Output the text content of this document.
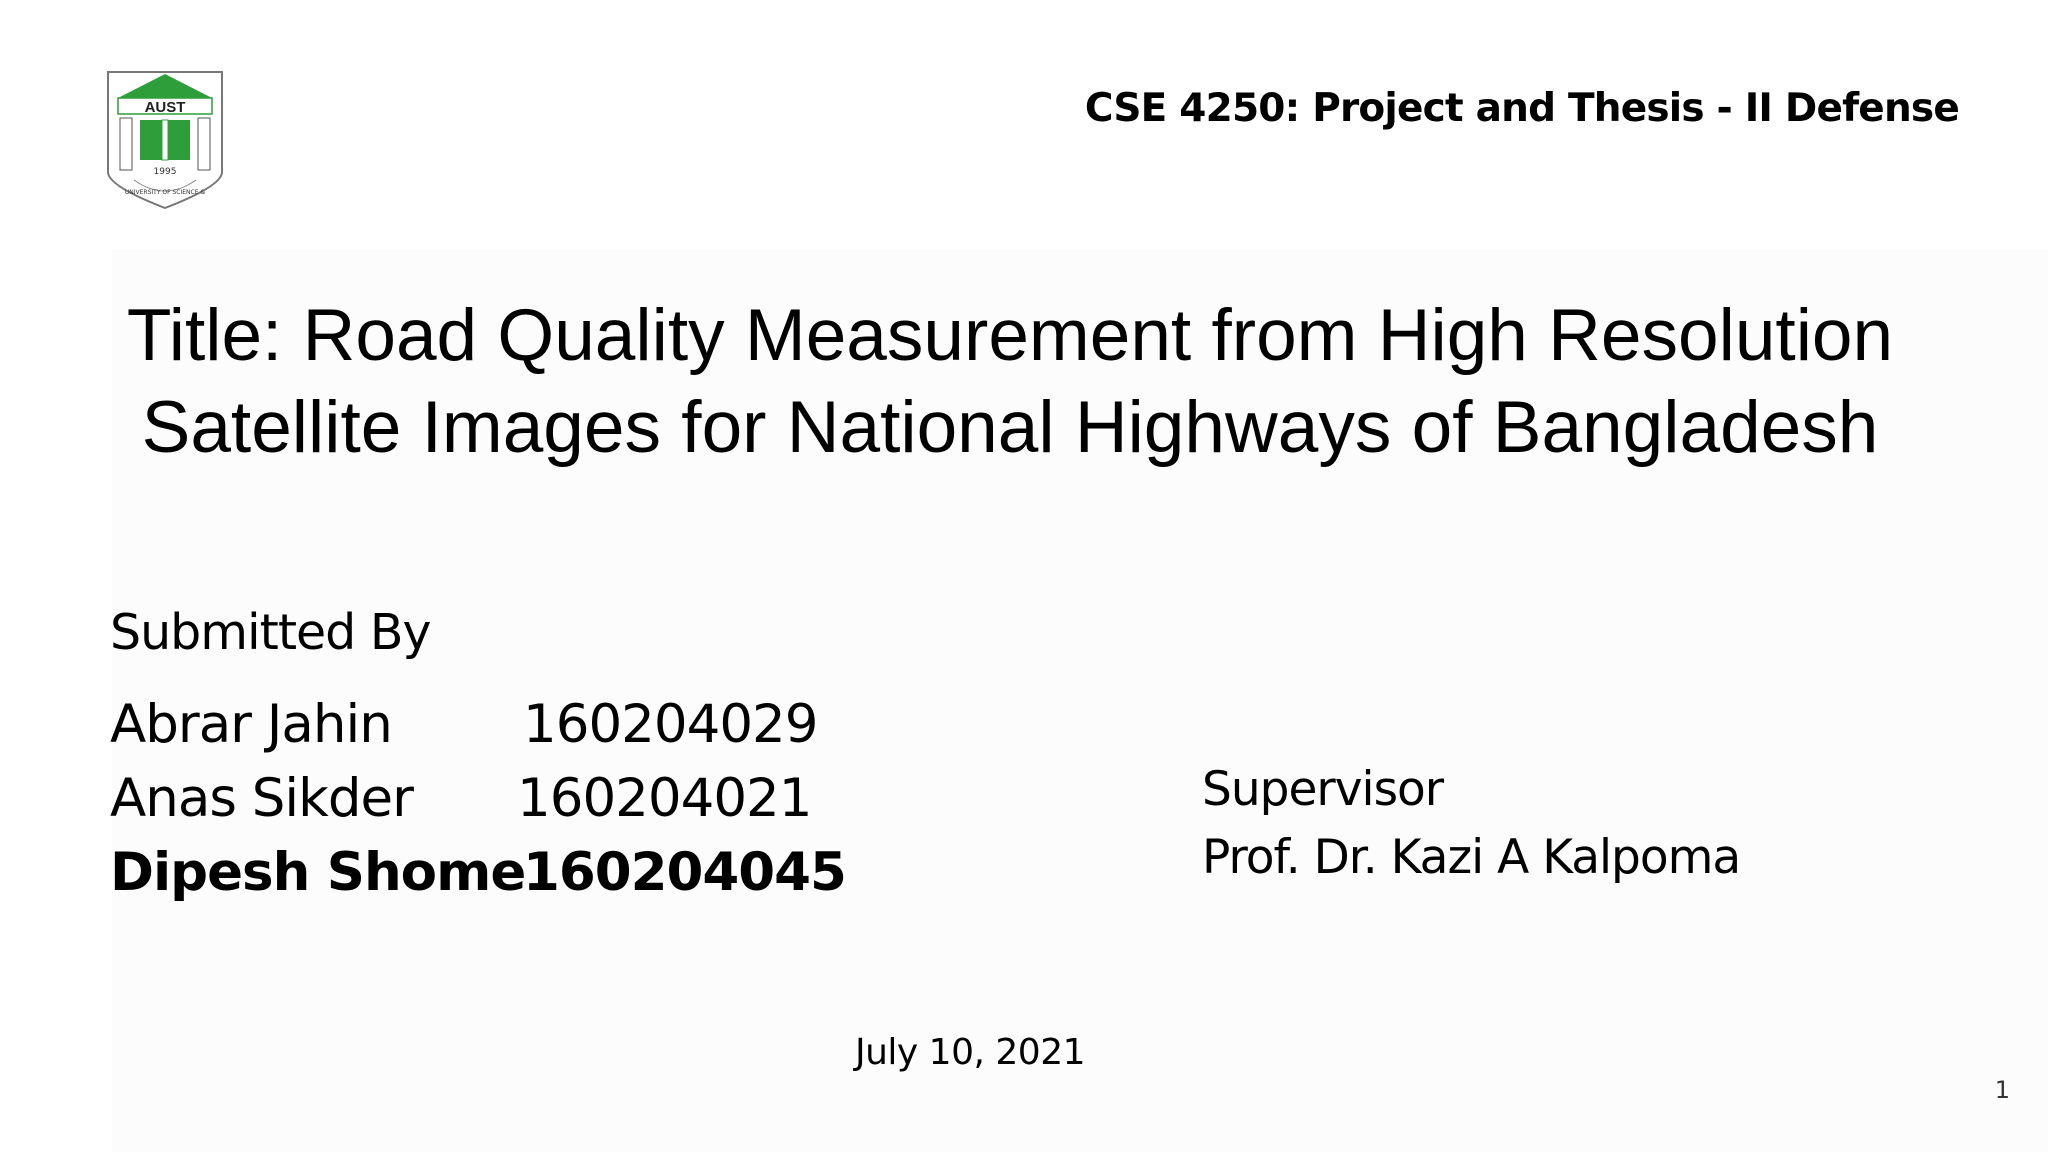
AUST
1995
UNIVERSITY OF SCIENCE &
CSE 4250: Project and Thesis - II Defense
Title: Road Quality Measurement from High Resolution
Satellite Images for National Highways of Bangladesh
Submitted By
Abrar Jahin 160204029
Anas Sikder 160204021
Dipesh Shome
160204045
Supervisor
Prof. Dr. Kazi A Kalpoma
July 10, 2021
1
